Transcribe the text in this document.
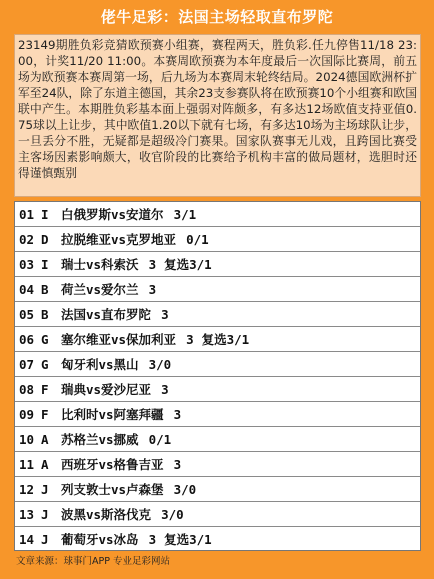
佬牛足彩：法国主场轻取直布罗陀
23149期胜负彩竞猜欧预赛小组赛，赛程两天，胜负彩.任九停售11/18 23:00，计奖11/20 11:00。本赛周欧预赛为本年度最后一次国际比赛周，前五场为欧预赛本赛周第一场，后九场为本赛周末轮终结局。2024德国欧洲杯扩军至24队，除了东道主德国，其余23支参赛队将在欧预赛10个小组赛和欧国联中产生。本期胜负彩基本面上强弱对阵颇多，有多达12场欧值支持亚值0.75球以上让步，其中欧值1.20以下就有七场，有多达10场为主场球队让步，一旦丢分不胜，无疑都是超级冷门赛果。国家队赛事无儿戏，且跨国比赛受主客场因素影响颇大，收官阶段的比赛给予机构丰富的做局题材，选胆时还得谨慎甄别
01 I 白俄罗斯vs安道尔 3/1
02 D 拉脱维亚vs克罗地亚 0/1
03 I 瑞士vs科索沃 3 复选3/1
04 B 荷兰vs爱尔兰 3
05 B 法国vs直布罗陀 3
06 G 塞尔维亚vs保加利亚 3 复选3/1
07 G 匈牙利vs黑山 3/0
08 F 瑞典vs爱沙尼亚 3
09 F 比利时vs阿塞拜疆 3
10 A 苏格兰vs挪威 0/1
11 A 西班牙vs格鲁吉亚 3
12 J 列支敦士vs卢森堡 3/0
13 J 波黑vs斯洛伐克 3/0
14 J 葡萄牙vs冰岛 3 复选3/1
文章来源：球事门APP 专业足彩网站
